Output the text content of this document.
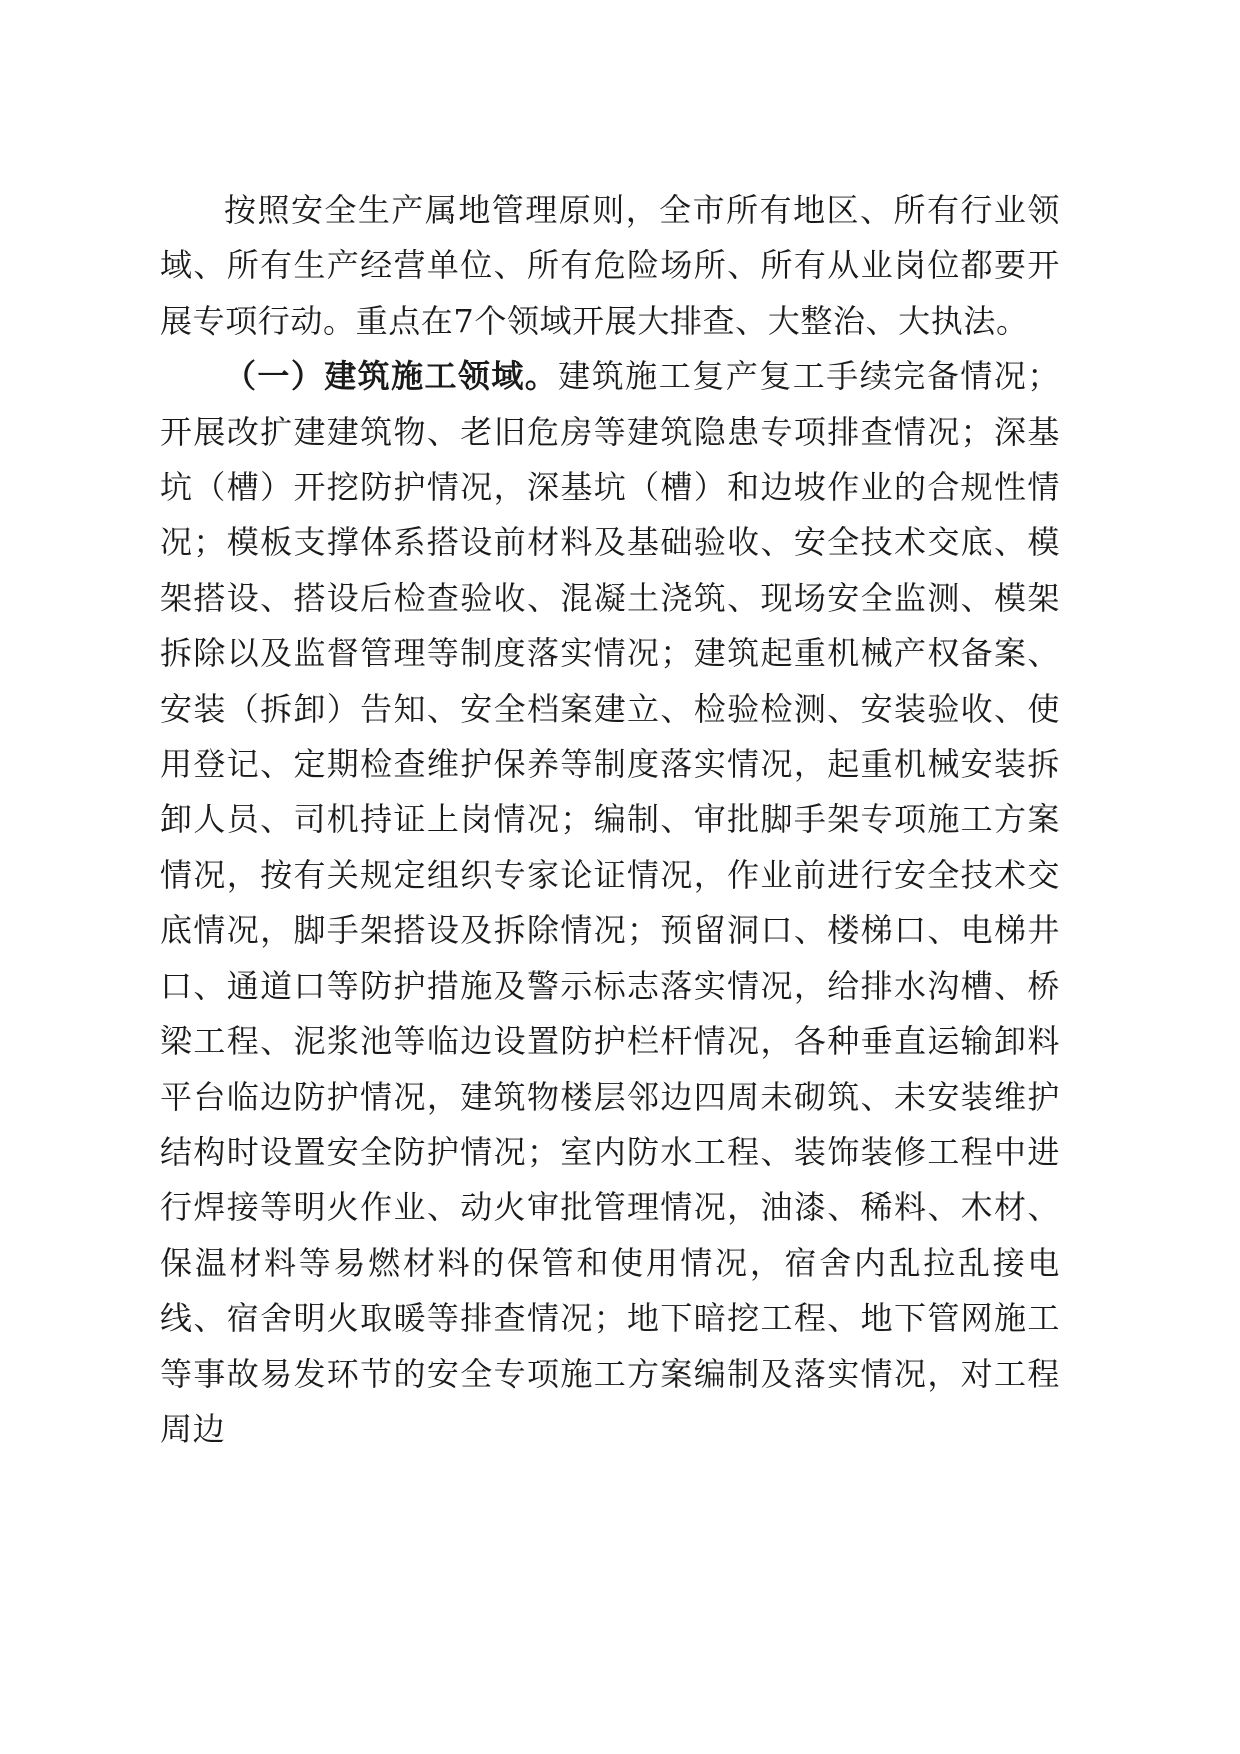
按照安全生产属地管理原则，全市所有地区、所有行业领域、所有生产经营单位、所有危险场所、所有从业岗位都要开展专项行动。重点在7个领域开展大排查、大整治、大执法。

（一）建筑施工领域。建筑施工复产复工手续完备情况；开展改扩建建筑物、老旧危房等建筑隐患专项排查情况；深基坑（槽）开挖防护情况，深基坑（槽）和边坡作业的合规性情况；模板支撑体系搭设前材料及基础验收、安全技术交底、模架搭设、搭设后检查验收、混凝土浇筑、现场安全监测、模架拆除以及监督管理等制度落实情况；建筑起重机械产权备案、安装（拆卸）告知、安全档案建立、检验检测、安装验收、使用登记、定期检查维护保养等制度落实情况，起重机械安装拆卸人员、司机持证上岗情况；编制、审批脚手架专项施工方案情况，按有关规定组织专家论证情况，作业前进行安全技术交底情况，脚手架搭设及拆除情况；预留洞口、楼梯口、电梯井口、通道口等防护措施及警示标志落实情况，给排水沟槽、桥梁工程、泥浆池等临边设置防护栏杆情况，各种垂直运输卸料平台临边防护情况，建筑物楼层邻边四周未砌筑、未安装维护结构时设置安全防护情况；室内防水工程、装饰装修工程中进行焊接等明火作业、动火审批管理情况，油漆、稀料、木材、保温材料等易燃材料的保管和使用情况，宿舍内乱拉乱接电线、宿舍明火取暖等排查情况；地下暗挖工程、地下管网施工等事故易发环节的安全专项施工方案编制及落实情况，对工程周边
